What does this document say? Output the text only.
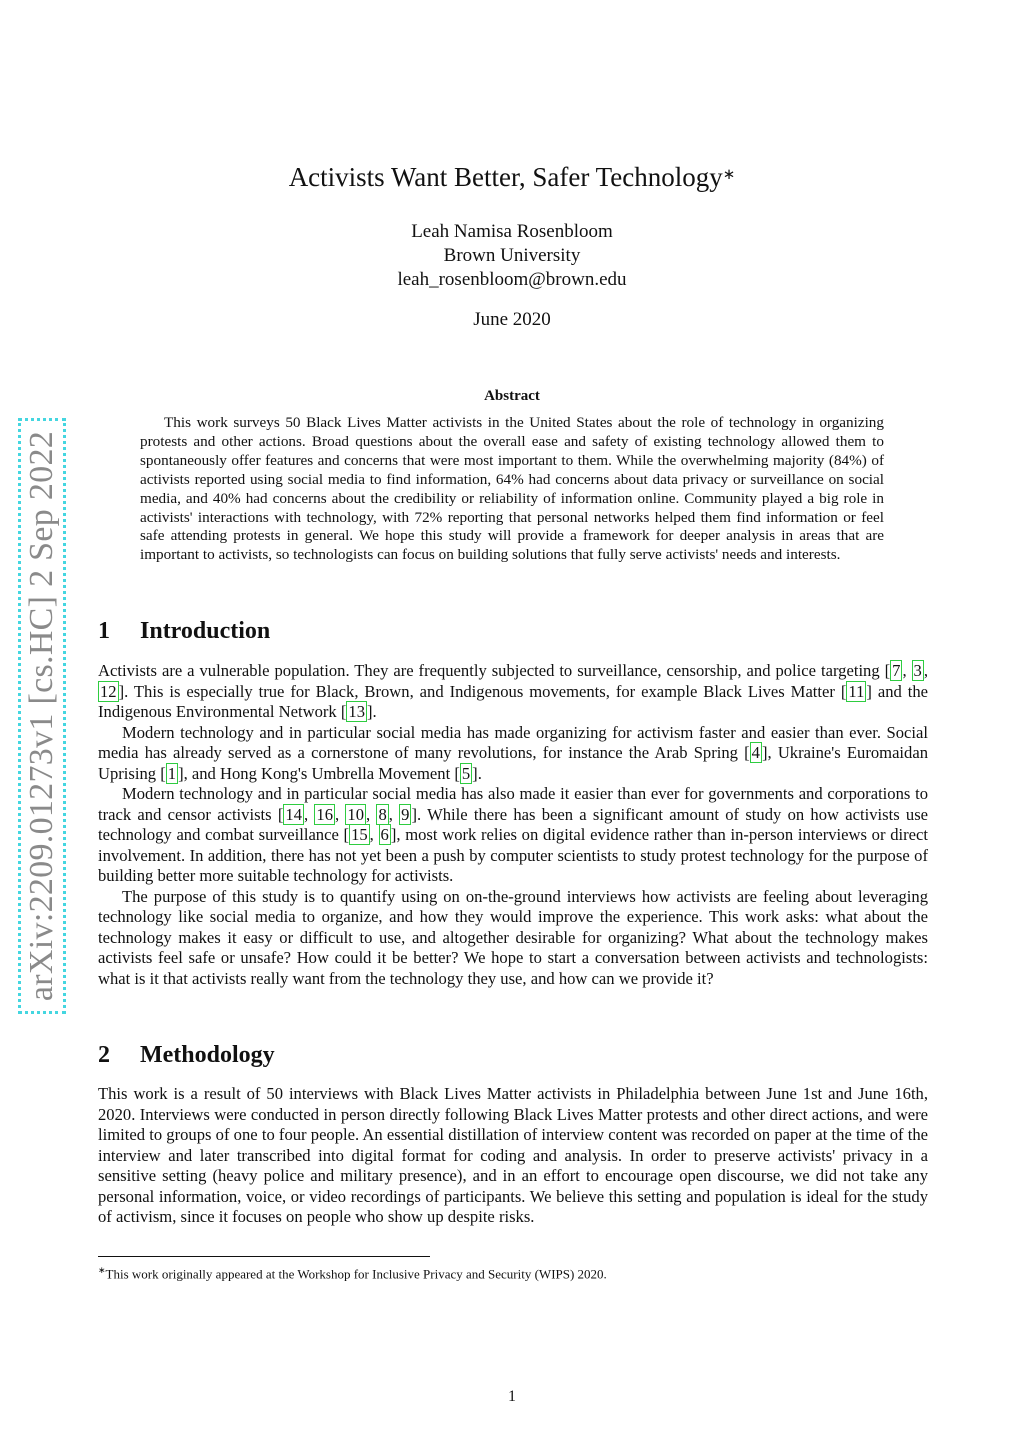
arXiv:2209.01273v1 [cs.HC] 2 Sep 2022
Activists Want Better, Safer Technology∗
Leah Namisa Rosenbloom
Brown University
leah_rosenbloom@brown.edu
June 2020
Abstract

This work surveys 50 Black Lives Matter activists in the United States about the role of technology in organizing protests and other actions. Broad questions about the overall ease and safety of existing technology allowed them to spontaneously offer features and concerns that were most important to them. While the overwhelming majority (84%) of activists reported using social media to find information, 64% had concerns about data privacy or surveillance on social media, and 40% had concerns about the credibility or reliability of information online. Community played a big role in activists' interactions with technology, with 72% reporting that personal networks helped them find information or feel safe attending protests in general. We hope this study will provide a framework for deeper analysis in areas that are important to activists, so technologists can focus on building solutions that fully serve activists' needs and interests.

1 Introduction

Activists are a vulnerable population. They are frequently subjected to surveillance, censorship, and police targeting [ 7 , 3 , 12 ]. This is especially true for Black, Brown, and Indigenous movements, for example Black Lives Matter [ 11 ] and the Indigenous Environmental Network [ 13 ].

Modern technology and in particular social media has made organizing for activism faster and easier than ever. Social media has already served as a cornerstone of many revolutions, for instance the Arab Spring [ 4 ], Ukraine's Euromaidan Uprising [ 1 ], and Hong Kong's Umbrella Movement [ 5 ].

Modern technology and in particular social media has also made it easier than ever for governments and corporations to track and censor activists [ 14 , 16 , 10 , 8 , 9 ]. While there has been a significant amount of study on how activists use technology and combat surveillance [ 15 , 6 ], most work relies on digital evidence rather than in-person interviews or direct involvement. In addition, there has not yet been a push by computer scientists to study protest technology for the purpose of building better more suitable technology for activists.

The purpose of this study is to quantify using on on-the-ground interviews how activists are feeling about leveraging technology like social media to organize, and how they would improve the experience. This work asks: what about the technology makes it easy or difficult to use, and altogether desirable for organizing? What about the technology makes activists feel safe or unsafe? How could it be better? We hope to start a conversation between activists and technologists: what is it that activists really want from the technology they use, and how can we provide it?

2 Methodology

This work is a result of 50 interviews with Black Lives Matter activists in Philadelphia between June 1st and June 16th, 2020. Interviews were conducted in person directly following Black Lives Matter protests and other direct actions, and were limited to groups of one to four people. An essential distillation of interview content was recorded on paper at the time of the interview and later transcribed into digital format for coding and analysis. In order to preserve activists' privacy in a sensitive setting (heavy police and military presence), and in an effort to encourage open discourse, we did not take any personal information, voice, or video recordings of participants. We believe this setting and population is ideal for the study of activism, since it focuses on people who show up despite risks.

∗This work originally appeared at the Workshop for Inclusive Privacy and Security (WIPS) 2020.
1
